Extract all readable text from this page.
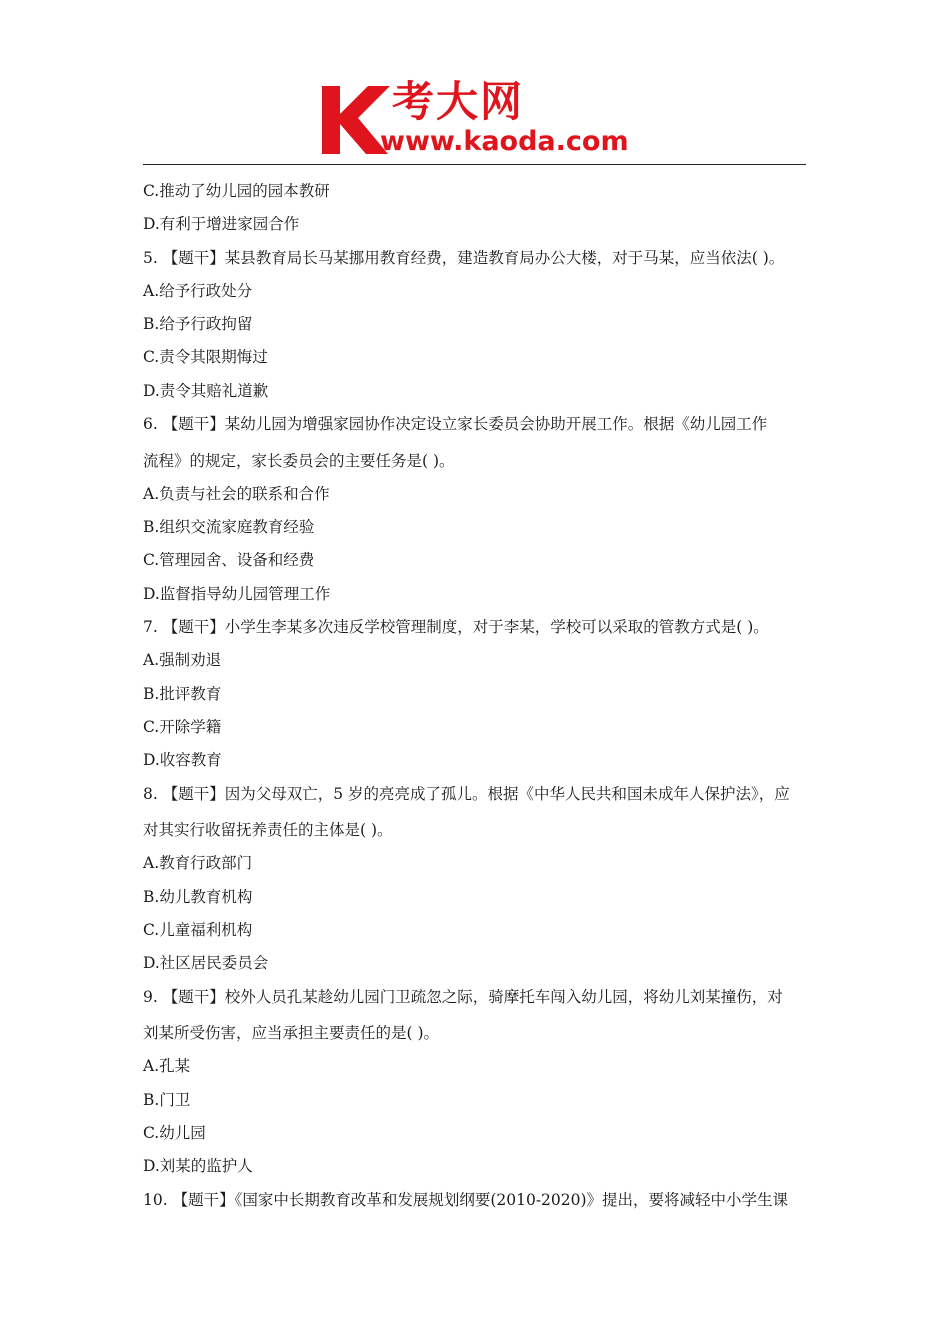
考大网
www.kaoda.com
C.推动了幼儿园的园本教研
D.有利于增进家园合作
5. 【题干】某县教育局长马某挪用教育经费，建造教育局办公大楼，对于马某，应当依法( )。
A.给予行政处分
B.给予行政拘留
C.责令其限期悔过
D.责令其赔礼道歉
6. 【题干】某幼儿园为增强家园协作决定设立家长委员会协助开展工作。根据《幼儿园工作
流程》的规定，家长委员会的主要任务是( )。
A.负责与社会的联系和合作
B.组织交流家庭教育经验
C.管理园舍、设备和经费
D.监督指导幼儿园管理工作
7. 【题干】小学生李某多次违反学校管理制度，对于李某，学校可以采取的管教方式是( )。
A.强制劝退
B.批评教育
C.开除学籍
D.收容教育
8. 【题干】因为父母双亡，5 岁的亮亮成了孤儿。根据《中华人民共和国未成年人保护法》，应
对其实行收留抚养责任的主体是( )。
A.教育行政部门
B.幼儿教育机构
C.儿童福利机构
D.社区居民委员会
9. 【题干】校外人员孔某趁幼儿园门卫疏忽之际，骑摩托车闯入幼儿园，将幼儿刘某撞伤，对
刘某所受伤害，应当承担主要责任的是( )。
A.孔某
B.门卫
C.幼儿园
D.刘某的监护人
10. 【题干】《国家中长期教育改革和发展规划纲要(2010-2020)》提出，要将减轻中小学生课
